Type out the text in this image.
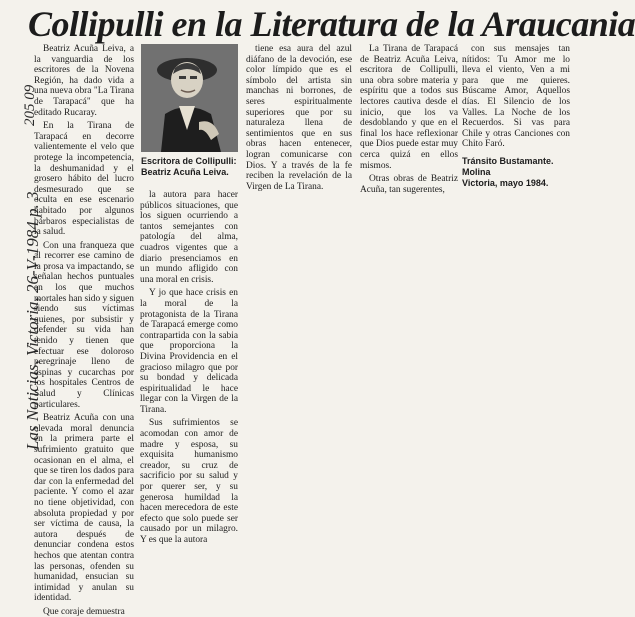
Collipulli en la Literatura de la Araucania
205 09
Las Noticias, Victoria, 26-V-1984 p. 3

Beatriz Acuña Leiva, a la vanguardia de los escritores de la Novena Región, ha dado vida a una nueva obra "La Tirana de Tarapacá" que ha editado Rucaray.

En la Tirana de Tarapacá en decorre valientemente el velo que protege la incompetencia, la deshumanidad y el grosero hábito del lucro desmesurado que se oculta en ese escenario habitado por algunos bárbaros especialistas de la salud.

Con una franqueza que al recorrer ese camino de la prosa va impactando, se señalan hechos puntuales en los que muchos mortales han sido y siguen siendo sus víctimas quienes, por subsistir y defender su vida han tenido y tienen que efectuar ese doloroso peregrinaje lleno de espinas y cucarchas por los hospitales Centros de Salud y Clínicas particulares.

Beatriz Acuña con una elevada moral denuncia en la primera parte el sufrimiento gratuito que ocasionan en el alma, el que se tiren los dados para dar con la enfermedad del paciente. Y como el azar no tiene objetividad, con absoluta propiedad y por ser víctima de causa, la autora después de denunciar condena estos hechos que atentan contra las personas, ofenden su humanidad, ensucian su intimidad y anulan su identidad.

Que coraje demuestra

Escritora de Collipulli:
Beatriz Acuña Leiva.

la autora para hacer públicos situaciones, que los siguen ocurriendo a tantos semejantes con patología del alma, cuadros vigentes que a diario presenciamos en un mundo afligido con una moral en crisis.

Y jo que hace crisis en la moral de la protagonista de la Tirana de Tarapacá emerge como contrapartida con la sabia que proporciona la Divina Providencia en el gracioso milagro que por su bondad y delicada espiritualidad le hace llegar con la Virgen de la Tirana.

Sus sufrimientos se acomodan con amor de madre y esposa, su exquisita humanismo creador, su cruz de sacrificio por su salud y por querer ser, y su generosa humildad la hacen merecedora de este efecto que solo puede ser causado por un milagro. Y es que la autora

tiene esa aura del azul diáfano de la devoción, ese color límpido que es el símbolo del artista sin manchas ni borrones, de seres espiritualmente superiores que por su naturaleza llena de sentimientos que en sus obras hacen entenecer, logran comunicarse con Dios. Y a través de la fe reciben la revelación de la Virgen de La Tirana.

La Tirana de Tarapacá de Beatriz Acuña Leiva, escritora de Collipulli, una obra sobre materia y espíritu que a todos sus lectores cautiva desde el inicio, que los va desdoblando y que en el final los hace reflexionar que Dios puede estar muy cerca quizá en ellos mismos.

Otras obras de Beatriz Acuña, tan sugerentes,

con sus mensajes tan nítidos: Tu Amor me lo lleva el viento, Ven a mi para que me quieres. Búscame Amor, Aquellos días. El Silencio de los Valles. La Noche de los Recuerdos. Si vas para Chile y otras Canciones con Chito Faró.

Tránsito Bustamante.
Molina
Victoria, mayo 1984.
